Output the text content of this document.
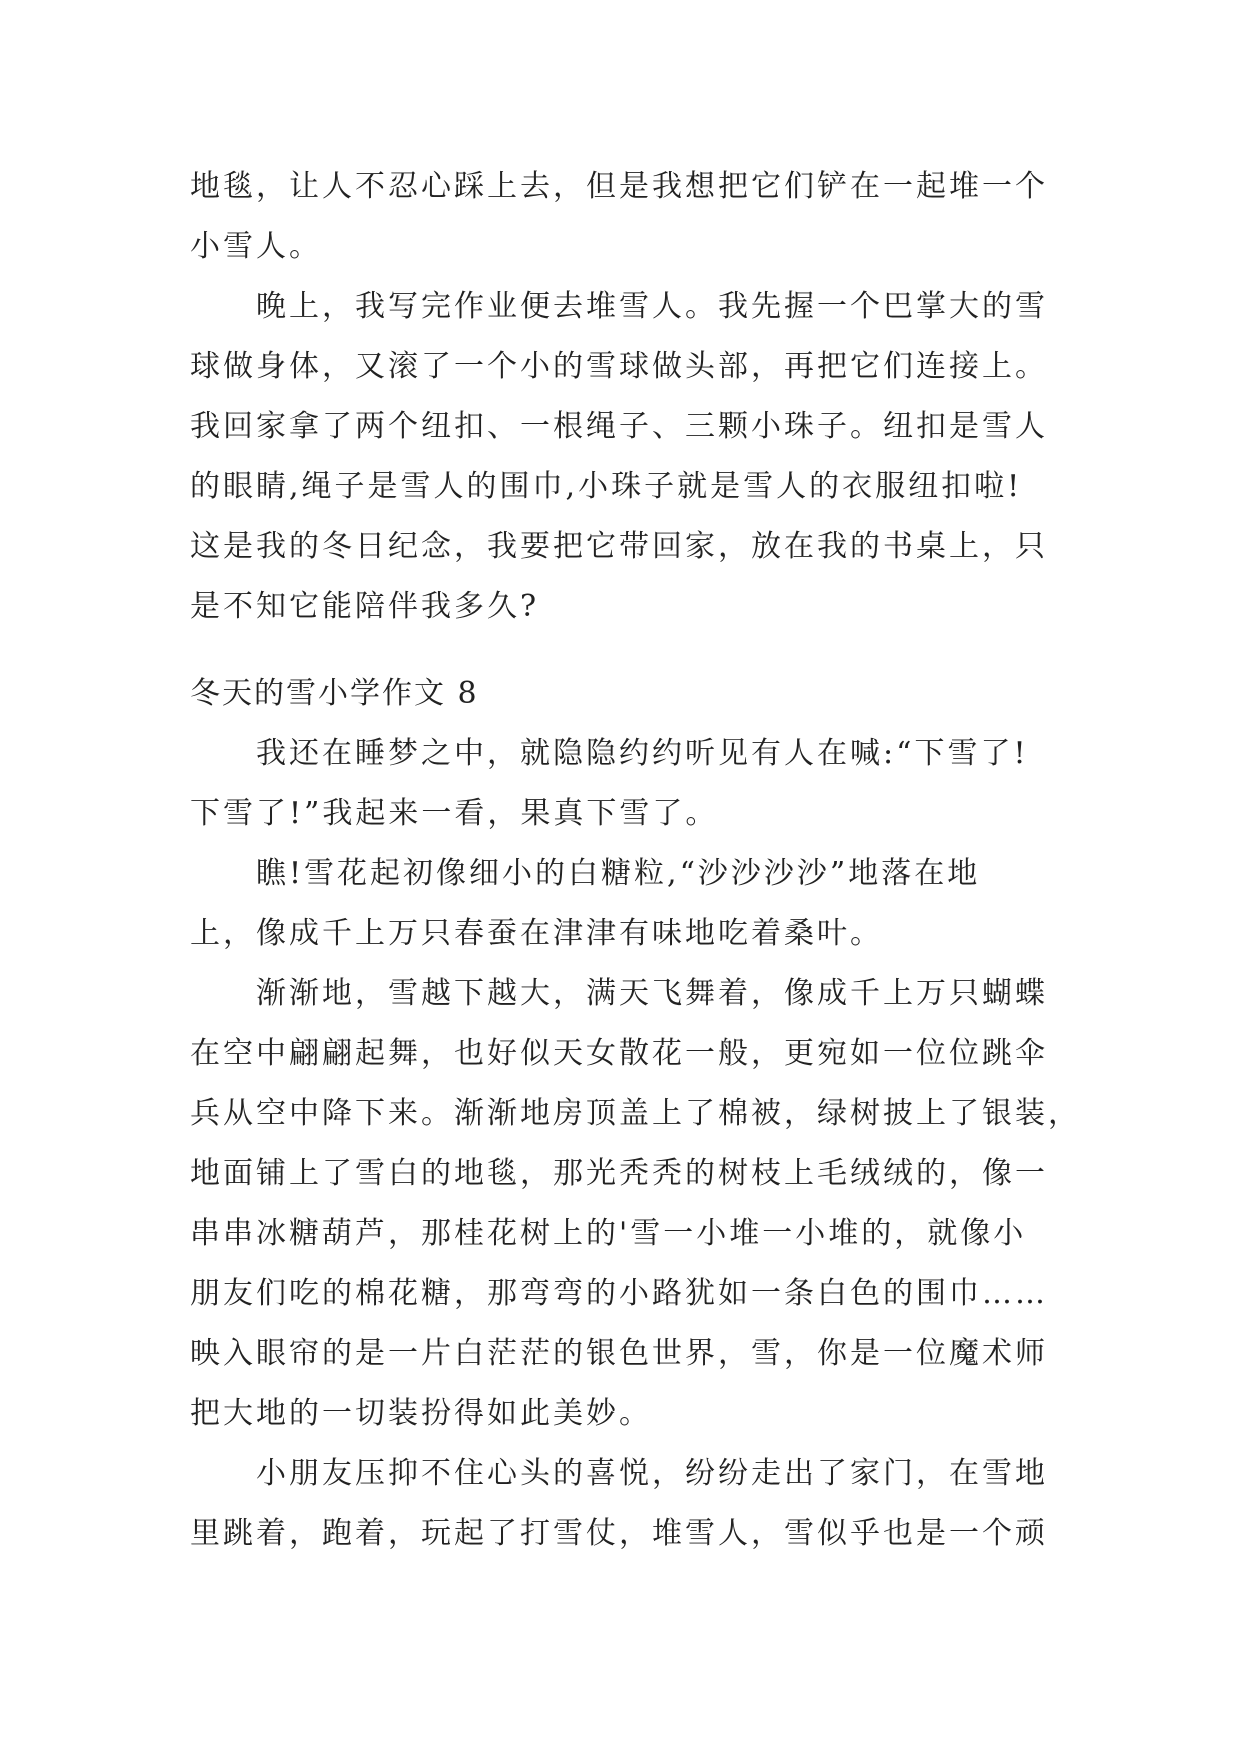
地毯，让人不忍心踩上去，但是我想把它们铲在一起堆一个
小雪人。
晚上，我写完作业便去堆雪人。我先握一个巴掌大的雪
球做身体，又滚了一个小的雪球做头部，再把它们连接上。
我回家拿了两个纽扣、一根绳子、三颗小珠子。纽扣是雪人
的眼睛,绳子是雪人的围巾,小珠子就是雪人的衣服纽扣啦!
这是我的冬日纪念，我要把它带回家，放在我的书桌上，只
是不知它能陪伴我多久?
冬天的雪小学作文 8
我还在睡梦之中，就隐隐约约听见有人在喊:“下雪了!
下雪了!”我起来一看，果真下雪了。
瞧!雪花起初像细小的白糖粒,“沙沙沙沙”地落在地
上，像成千上万只春蚕在津津有味地吃着桑叶。
渐渐地，雪越下越大，满天飞舞着，像成千上万只蝴蝶
在空中翩翩起舞，也好似天女散花一般，更宛如一位位跳伞
兵从空中降下来。渐渐地房顶盖上了棉被，绿树披上了银装，
地面铺上了雪白的地毯，那光秃秃的树枝上毛绒绒的，像一
串串冰糖葫芦，那桂花树上的'雪一小堆一小堆的，就像小
朋友们吃的棉花糖，那弯弯的小路犹如一条白色的围巾……
映入眼帘的是一片白茫茫的银色世界，雪，你是一位魔术师
把大地的一切装扮得如此美妙。
小朋友压抑不住心头的喜悦，纷纷走出了家门，在雪地
里跳着，跑着，玩起了打雪仗，堆雪人，雪似乎也是一个顽
